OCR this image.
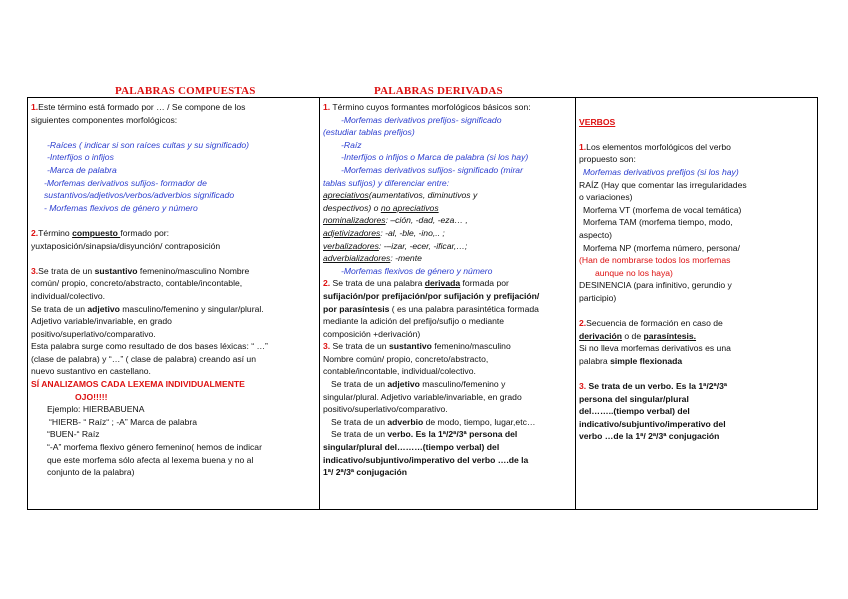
PALABRAS COMPUESTAS	PALABRAS DERIVADAS
1.Este término está formado por … / Se compone de los
siguientes componentes morfológicos:
-Raíces ( indicar si son raíces cultas y su significado)
-Interfijos o infijos
-Marca de palabra
-Morfemas derivativos sufijos- formador de
sustantivos/adjetivos/verbos/adverbios significado
- Morfemas flexivos de género y número
2.Término compuesto formado por:
yuxtaposición/sinapsia/disyunción/ contraposición
3.Se trata de un sustantivo femenino/masculino Nombre
común/ propio, concreto/abstracto, contable/incontable,
individual/colectivo.
Se trata de un adjetivo masculino/femenino y singular/plural.
Adjetivo variable/invariable, en grado
positivo/superlativo/comparativo.
Esta palabra surge como resultado de dos bases léxicas: “ …”
(clase de palabra) y “…” ( clase de palabra) creando así un
nuevo sustantivo en castellano.
SÍ ANALIZAMOS CADA LEXEMA INDIVIDUALMENTE
OJO!!!!!
Ejemplo: HIERBABUENA
“HIERB- “ Raíz“ ; -A” Marca de palabra
“BUEN-“ Raíz
“-A” morfema flexivo género femenino( hemos de indicar
que este morfema sólo afecta al lexema buena y no al
conjunto de la palabra)

1. Término cuyos formantes morfológicos básicos son:
-Morfemas derivativos prefijos- significado
(estudiar tablas prefijos)
-Raíz
-Interfijos o infijos o Marca de palabra (si los hay)
-Morfemas derivativos sufijos- significado (mirar
tablas sufijos) y diferenciar entre:
apreciativos(aumentativos, diminutivos y
despectivos) o no apreciativos
nominalizadores: –ción, -dad, -eza… ,
adjetivizadores: -al, -ble, -ino,.. ;
verbalizadores: -–izar, -ecer, -ificar,…;
adverbializadores: -mente
-Morfemas flexivos de género y número
2. Se trata de una palabra derivada formada por
sufijación/por prefijación/por sufijación y prefijación/
por parasíntesis ( es una palabra parasintética formada
mediante la adición del prefijo/sufijo o mediante
composición +derivación)
3. Se trata de un sustantivo femenino/masculino
Nombre común/ propio, concreto/abstracto,
contable/incontable, individual/colectivo.
Se trata de un adjetivo masculino/femenino y
singular/plural. Adjetivo variable/invariable, en grado
positivo/superlativo/comparativo.
Se trata de un adverbio de modo, tiempo, lugar,etc…
Se trata de un verbo. Es la 1ª/2ª/3ª persona del
singular/plural del………(tiempo verbal) del
indicativo/subjuntivo/imperativo del verbo ….de la
1ª/ 2ª/3ª conjugación

VERBOS
1.Los elementos morfológicos del verbo
propuesto son:
Morfemas derivativos prefijos (si los hay)
RAÍZ (Hay que comentar las irregularidades
o variaciones)
Morfema VT (morfema de vocal temática)
Morfema TAM (morfema tiempo, modo,
aspecto)
Morfema NP (morfema número, persona/
(Han de nombrarse todos los morfemas
aunque no los haya)
DESINENCIA (para infinitivo, gerundio y
participio)
2.Secuencia de formación en caso de
derivación o de parasíntesis.
Si no lleva morfemas derivativos es una
palabra simple flexionada
3. Se trata de un verbo. Es la 1ª/2ª/3ª
persona del singular/plural
del……..(tiempo verbal) del
indicativo/subjuntivo/imperativo del
verbo …de la 1ª/ 2ª/3ª conjugación
